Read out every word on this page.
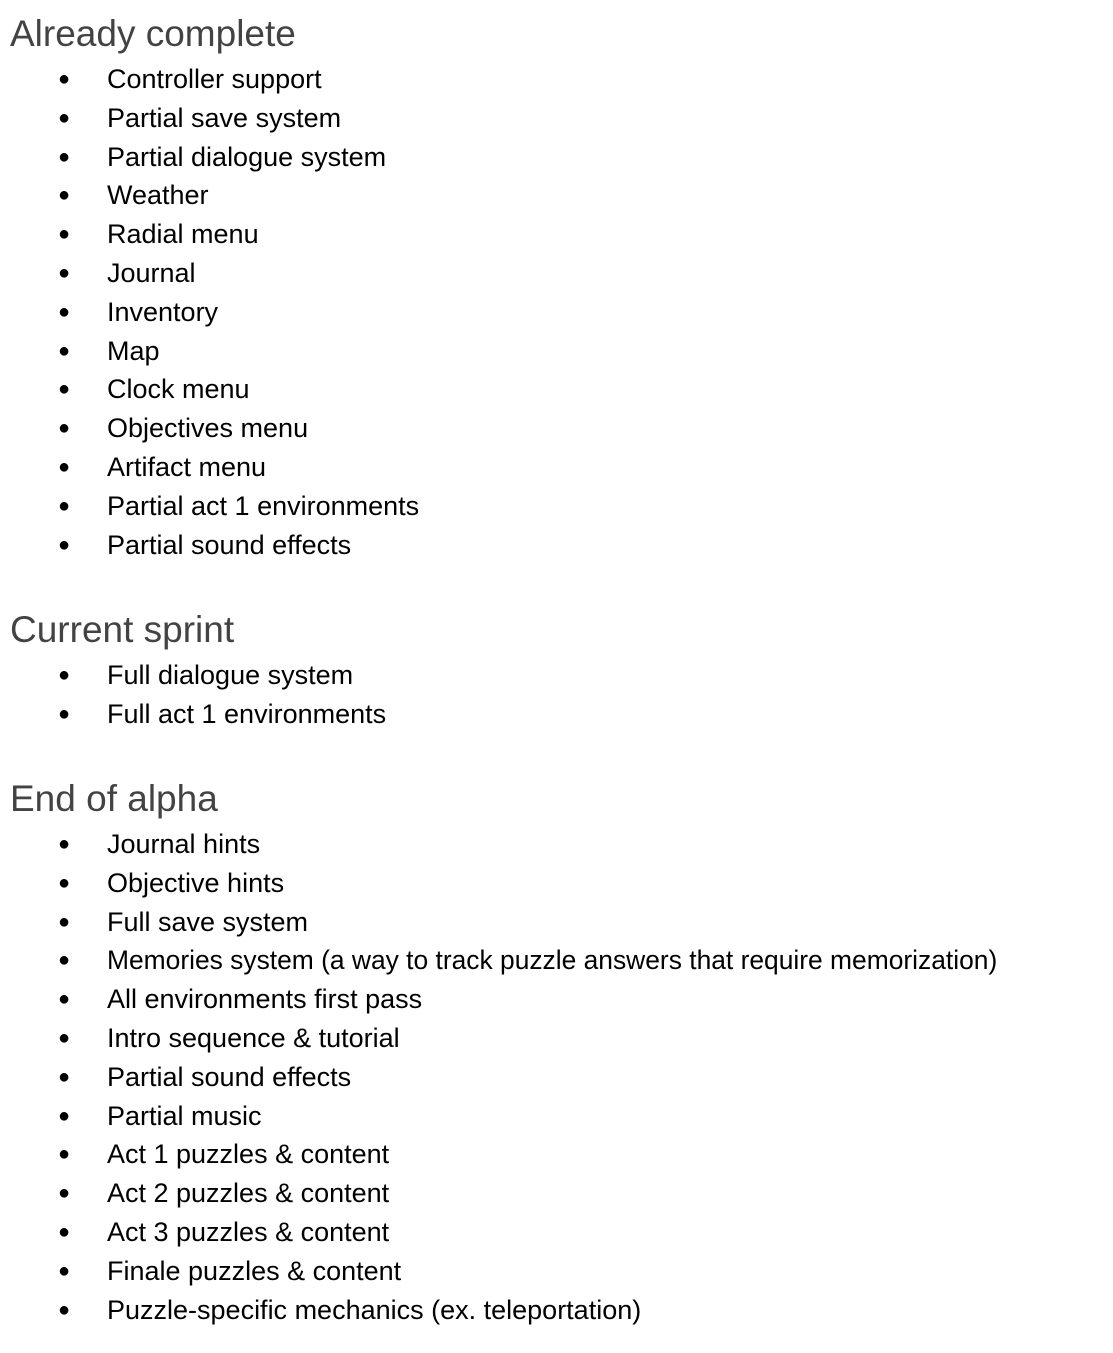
Already complete
● Controller support
● Partial save system
● Partial dialogue system
● Weather
● Radial menu
● Journal
● Inventory
● Map
● Clock menu
● Objectives menu
● Artifact menu
● Partial act 1 environments
● Partial sound effects
Current sprint
● Full dialogue system
● Full act 1 environments
End of alpha
● Journal hints
● Objective hints
● Full save system
● Memories system (a way to track puzzle answers that require memorization)
● All environments first pass
● Intro sequence & tutorial
● Partial sound effects
● Partial music
● Act 1 puzzles & content
● Act 2 puzzles & content
● Act 3 puzzles & content
● Finale puzzles & content
● Puzzle-specific mechanics (ex. teleportation)
